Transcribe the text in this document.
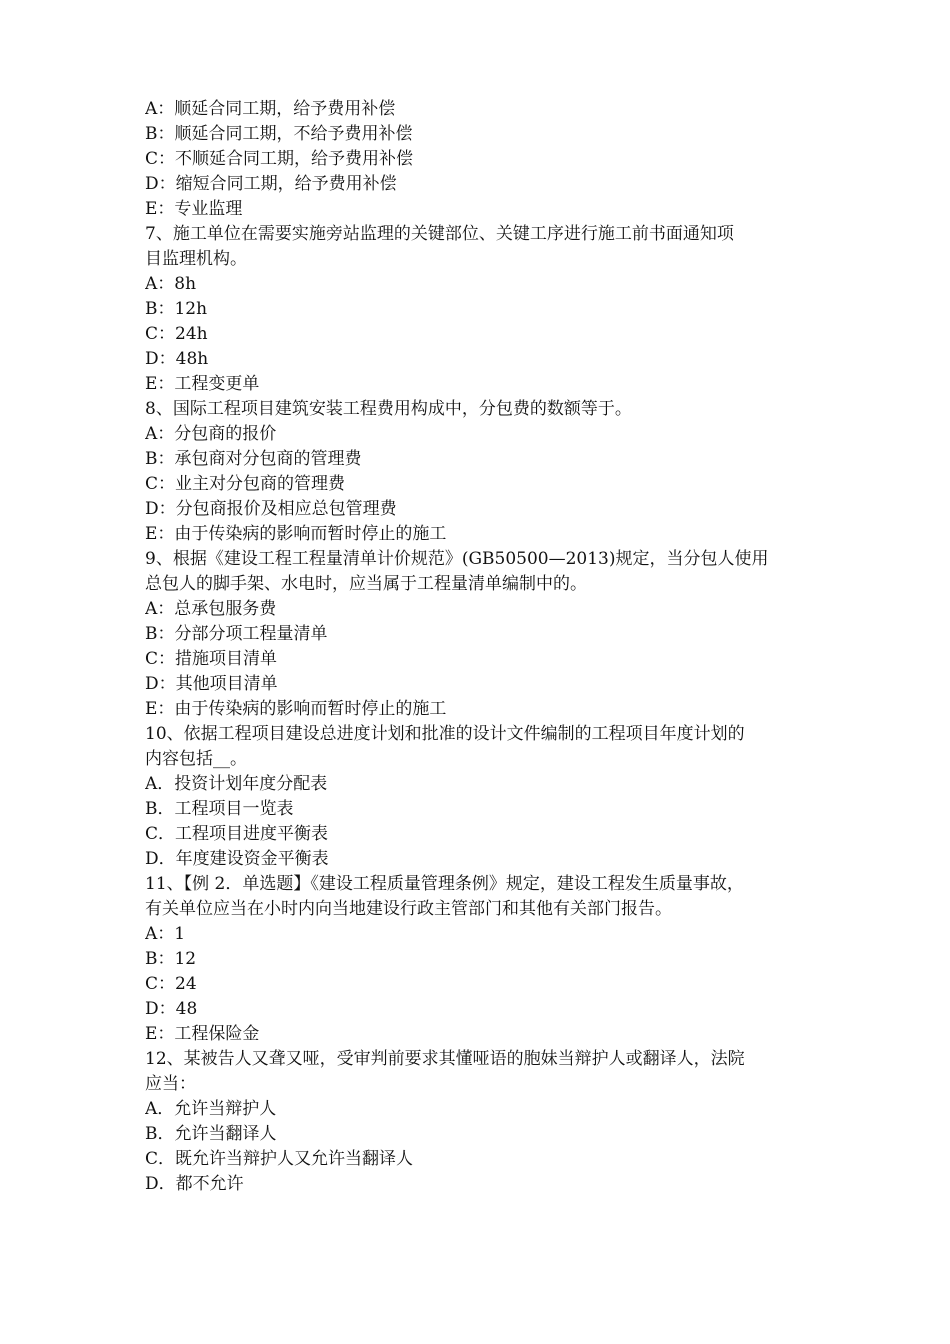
A：顺延合同工期，给予费用补偿
B：顺延合同工期，不给予费用补偿
C：不顺延合同工期，给予费用补偿
D：缩短合同工期，给予费用补偿
E：专业监理
7、施工单位在需要实施旁站监理的关键部位、关键工序进行施工前书面通知项
目监理机构。
A：8h
B：12h
C：24h
D：48h
E：工程变更单
8、国际工程项目建筑安装工程费用构成中，分包费的数额等于。
A：分包商的报价
B：承包商对分包商的管理费
C：业主对分包商的管理费
D：分包商报价及相应总包管理费
E：由于传染病的影响而暂时停止的施工
9、根据《建设工程工程量清单计价规范》(GB50500—2013)规定，当分包人使用
总包人的脚手架、水电时，应当属于工程量清单编制中的。
A：总承包服务费
B：分部分项工程量清单
C：措施项目清单
D：其他项目清单
E：由于传染病的影响而暂时停止的施工
10、依据工程项目建设总进度计划和批准的设计文件编制的工程项目年度计划的
内容包括__。
A．投资计划年度分配表
B．工程项目一览表
C．工程项目进度平衡表
D．年度建设资金平衡表
11、【例 2．单选题】《建设工程质量管理条例》规定，建设工程发生质量事故，
有关单位应当在小时内向当地建设行政主管部门和其他有关部门报告。
A：1
B：12
C：24
D：48
E：工程保险金
12、某被告人又聋又哑，受审判前要求其懂哑语的胞妹当辩护人或翻译人，法院
应当：
A．允许当辩护人
B．允许当翻译人
C．既允许当辩护人又允许当翻译人
D．都不允许
